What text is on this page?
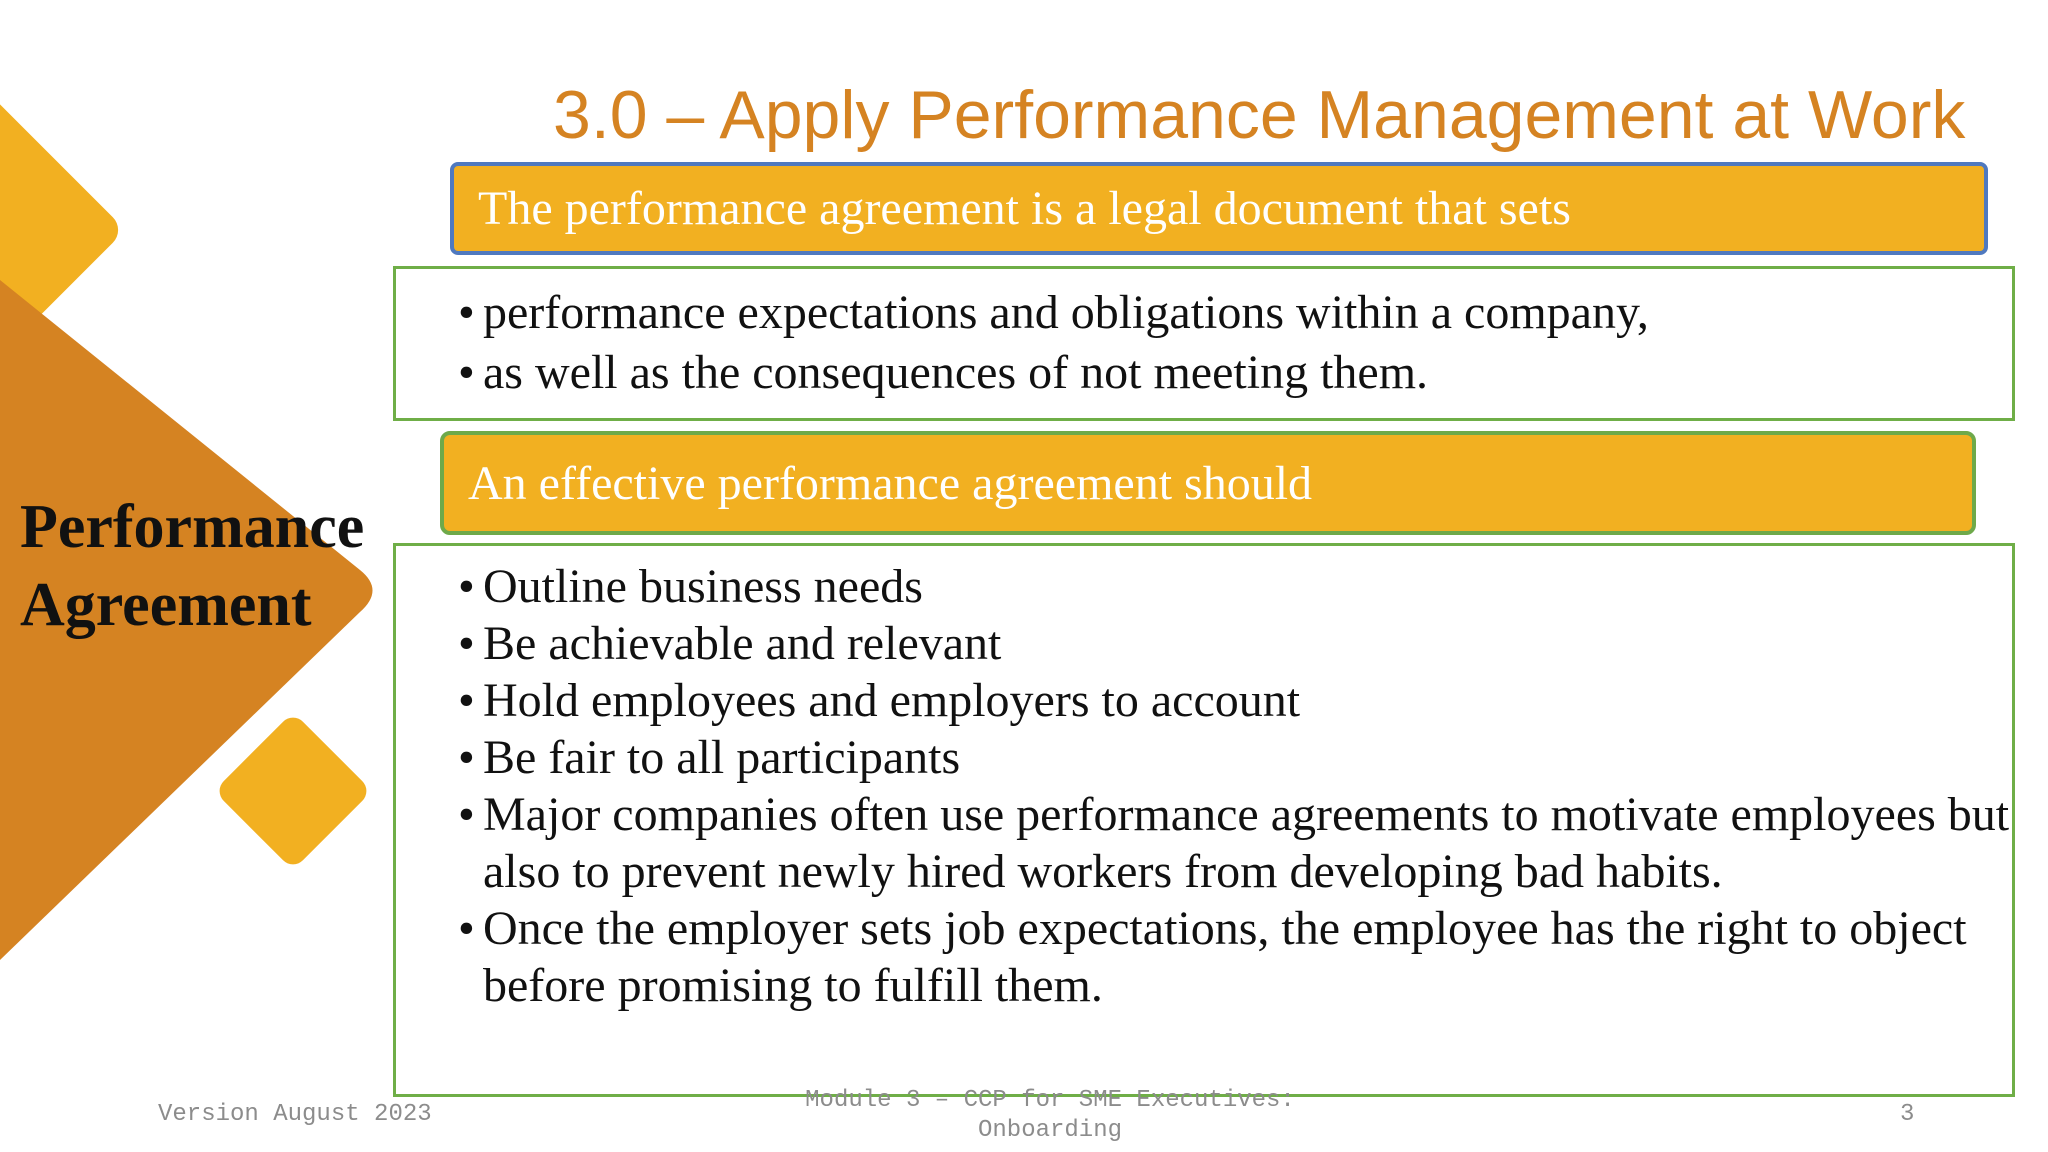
Performance
Agreement
3.0 – Apply Performance Management at Work
The performance agreement is a legal document that sets
• performance expectations and obligations within a company,
• as well as the consequences of not meeting them.
An effective performance agreement should
• Outline business needs
• Be achievable and relevant
• Hold employees and employers to account
• Be fair to all participants
• Major companies often use performance agreements to motivate employees but also to prevent newly hired workers from developing bad habits.
• Once the employer sets job expectations, the employee has the right to object before promising to fulfill them.
Version August 2023
Module 3 – CCP for SME Executives:
Onboarding
3
